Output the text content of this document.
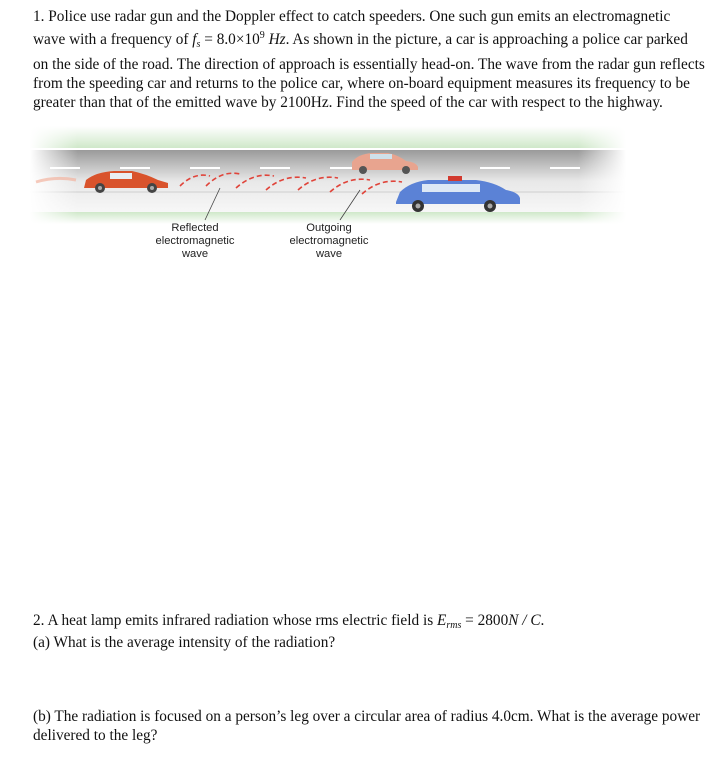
1. Police use radar gun and the Doppler effect to catch speeders. One such gun emits an electromagnetic wave with a frequency of $f_s = 8.0\times 10^9$ Hz. As shown in the picture, a car is approaching a police car parked on the side of the road. The direction of approach is essentially head-on. The wave from the radar gun reflects from the speeding car and returns to the police car, where on-board equipment measures its frequency to be greater than that of the emitted wave by 2100Hz. Find the speed of the car with respect to the highway.

Reflected
electromagnetic
wave
Outgoing
electromagnetic
wave

2. A heat lamp emits infrared radiation whose rms electric field is $E_{rms} = 2800N / C$.

(a) What is the average intensity of the radiation?

(b) The radiation is focused on a person’s leg over a circular area of radius 4.0cm. What is the average power delivered to the leg?
